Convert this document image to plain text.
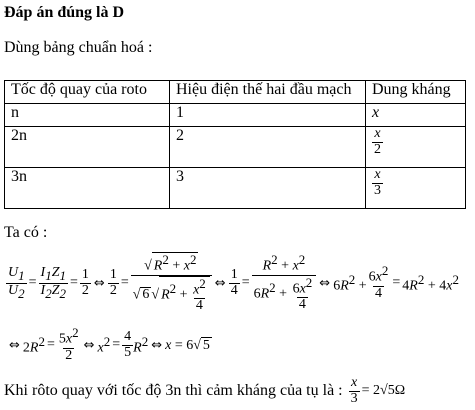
Đáp án đúng là D
Dùng bảng chuẩn hoá :
Tốc độ quay của roto	Hiệu điện thế hai đầu mạch	Dung kháng
n	1	x
2n	2	$\frac{x}{2}$

3n	3	$\frac{x}{3}$
Ta có :
$\frac{U_1}{U_2} = \frac{I_1Z_1}{I_2Z_2} = \frac{1}{2}$ ⇔ $\frac{1}{2} = \frac{√ R^2 + x^2}{√ 6 √ R^2 + \frac{x^2}{4}}$ ⇔ $\frac{1}{4} = \frac{R^2 + x^2}{6R^2 + \frac{6x^2}{4}}$ ⇔ $6R^2 + \frac{6x^2}{4} = 4R^2 + 4x^2$
⇔ $2R^2 = \frac{5x^2}{2}$ ⇔ $x^2 = \frac{4}{5} R^2$ ⇔ x = 6√ 5
Khi rôto quay với tốc độ 3n thì cảm kháng của tụ là : $\frac{x}{3} = 2√5\Omega$
